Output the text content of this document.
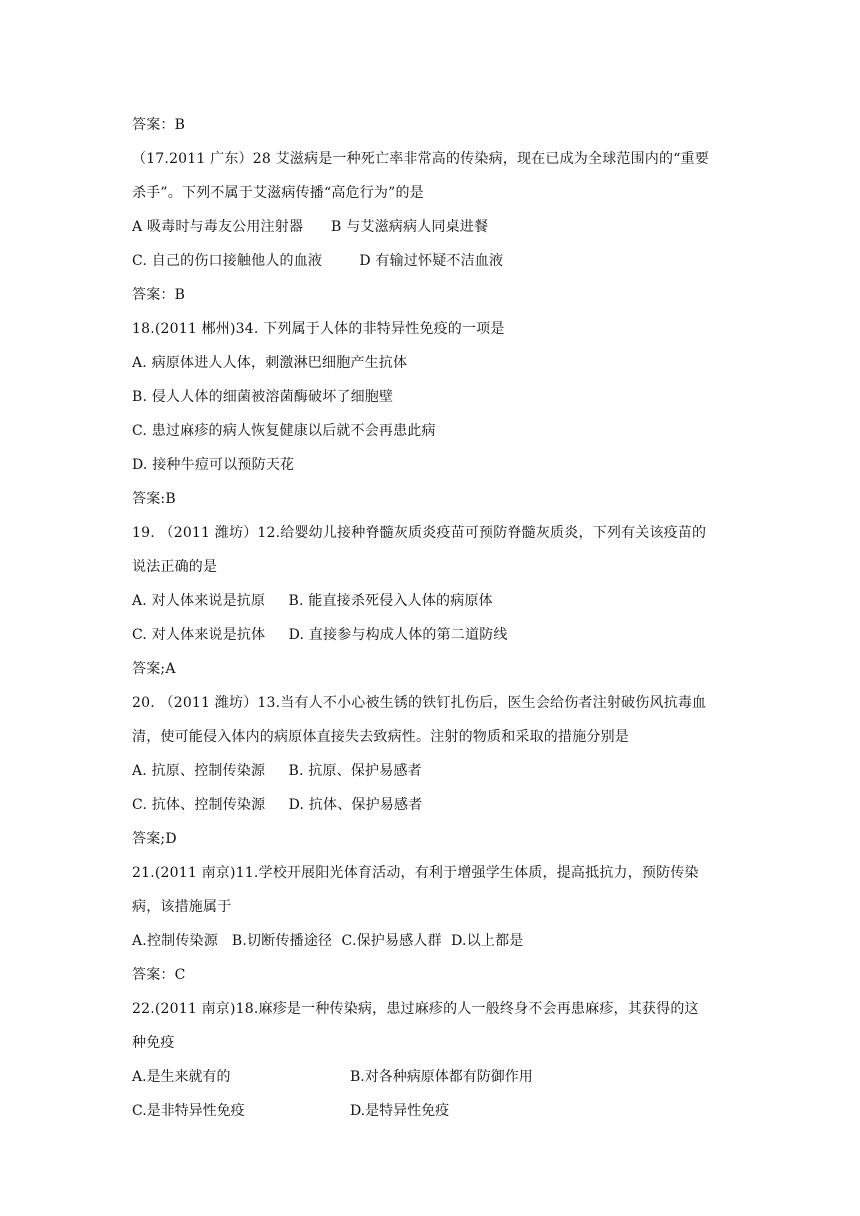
答案：B
（17.2011 广东）28 艾滋病是一种死亡率非常高的传染病，现在已成为全球范围内的“重要
杀手”。下列不属于艾滋病传播“高危行为”的是
A 吸毒时与毒友公用注射器      B 与艾滋病病人同桌进餐
C. 自己的伤口接触他人的血液        D 有输过怀疑不洁血液
答案：B
18.(2011 郴州)34. 下列属于人体的非特异性免疫的一项是
A. 病原体进人人体，刺激淋巴细胞产生抗体
B. 侵人人体的细菌被溶菌酶破坏了细胞壁
C. 患过麻疹的病人恢复健康以后就不会再患此病
D. 接种牛痘可以预防天花
答案:B
19. （2011 潍坊）12.给婴幼儿接种脊髓灰质炎疫苗可预防脊髓灰质炎，下列有关该疫苗的
说法正确的是
A. 对人体来说是抗原     B. 能直接杀死侵入人体的病原体
C. 对人体来说是抗体     D. 直接参与构成人体的第二道防线
答案;A
20. （2011 潍坊）13.当有人不小心被生锈的铁钉扎伤后，医生会给伤者注射破伤风抗毒血
清，使可能侵入体内的病原体直接失去致病性。注射的物质和采取的措施分别是
A. 抗原、控制传染源     B. 抗原、保护易感者
C. 抗体、控制传染源     D. 抗体、保护易感者
答案;D
21.(2011 南京)11.学校开展阳光体育活动，有利于增强学生体质，提高抵抗力，预防传染
病，该措施属于
A.控制传染源   B.切断传播途径  C.保护易感人群  D.以上都是
答案：C
22.(2011 南京)18.麻疹是一种传染病，患过麻疹的人一般终身不会再患麻疹，其获得的这
种免疫
A.是生来就有的	B.对各种病原体都有防御作用
C.是非特异性免疫	D.是特异性免疫
